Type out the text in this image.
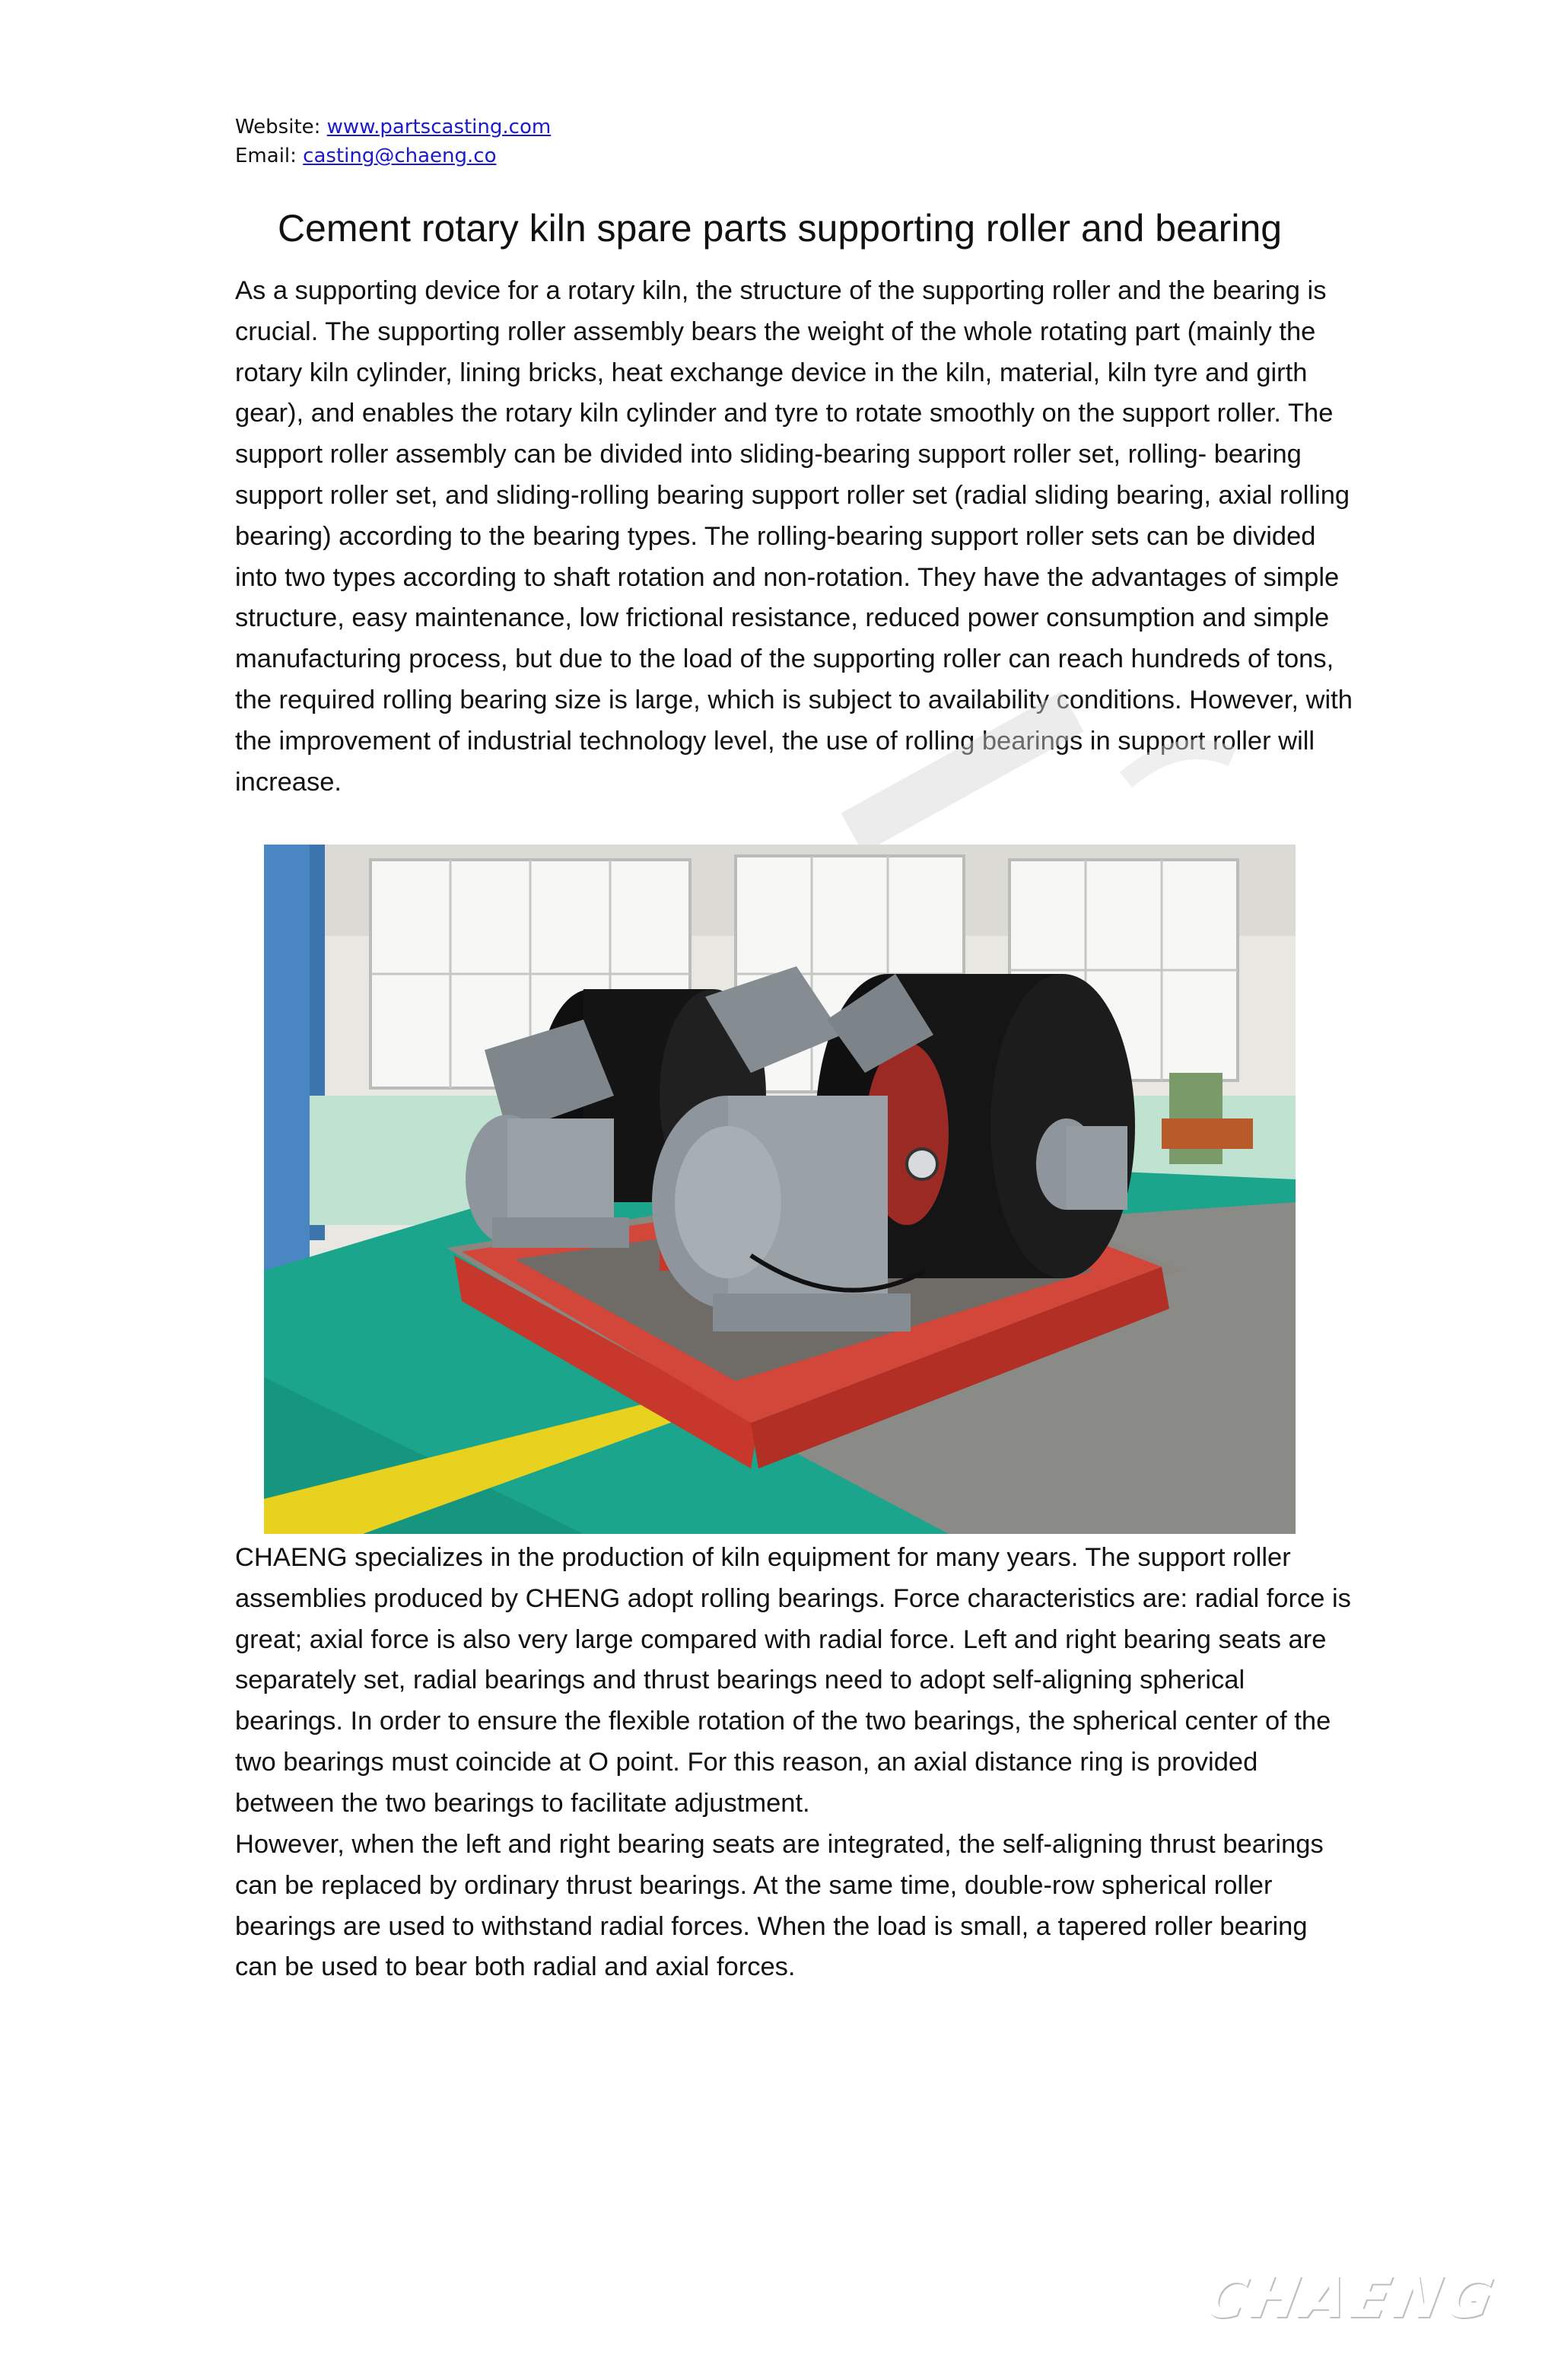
Website: www.partscasting.com
Email: casting@chaeng.co
Cement rotary kiln spare parts supporting roller and bearing

As a supporting device for a rotary kiln, the structure of the supporting roller and the bearing is crucial. The supporting roller assembly bears the weight of the whole rotating part (mainly the rotary kiln cylinder, lining bricks, heat exchange device in the kiln, material, kiln tyre and girth gear), and enables the rotary kiln cylinder and tyre to rotate smoothly on the support roller. The support roller assembly can be divided into sliding-bearing support roller set, rolling- bearing support roller set, and sliding-rolling bearing support roller set (radial sliding bearing, axial rolling bearing) according to the bearing types. The rolling-bearing support roller sets can be divided into two types according to shaft rotation and non-rotation. They have the advantages of simple structure, easy maintenance, low frictional resistance, reduced power consumption and simple manufacturing process, but due to the load of the supporting roller can reach hundreds of tons, the required rolling bearing size is large, which is subject to availability conditions. However, with the improvement of industrial technology level, the use of rolling bearings in support roller will increase.

CHAENG ®
GREAT-WALL STEEL CASTING

CHAENG specializes in the production of kiln equipment for many years. The support roller assemblies produced by CHENG adopt rolling bearings. Force characteristics are: radial force is great; axial force is also very large compared with radial force. Left and right bearing seats are separately set, radial bearings and thrust bearings need to adopt self-aligning spherical bearings. In order to ensure the flexible rotation of the two bearings, the spherical center of the two bearings must coincide at O point. For this reason, an axial distance ring is provided between the two bearings to facilitate adjustment.

However, when the left and right bearing seats are integrated, the self-aligning thrust bearings can be replaced by ordinary thrust bearings. At the same time, double-row spherical roller bearings are used to withstand radial forces. When the load is small, a tapered roller bearing can be used to bear both radial and axial forces.
